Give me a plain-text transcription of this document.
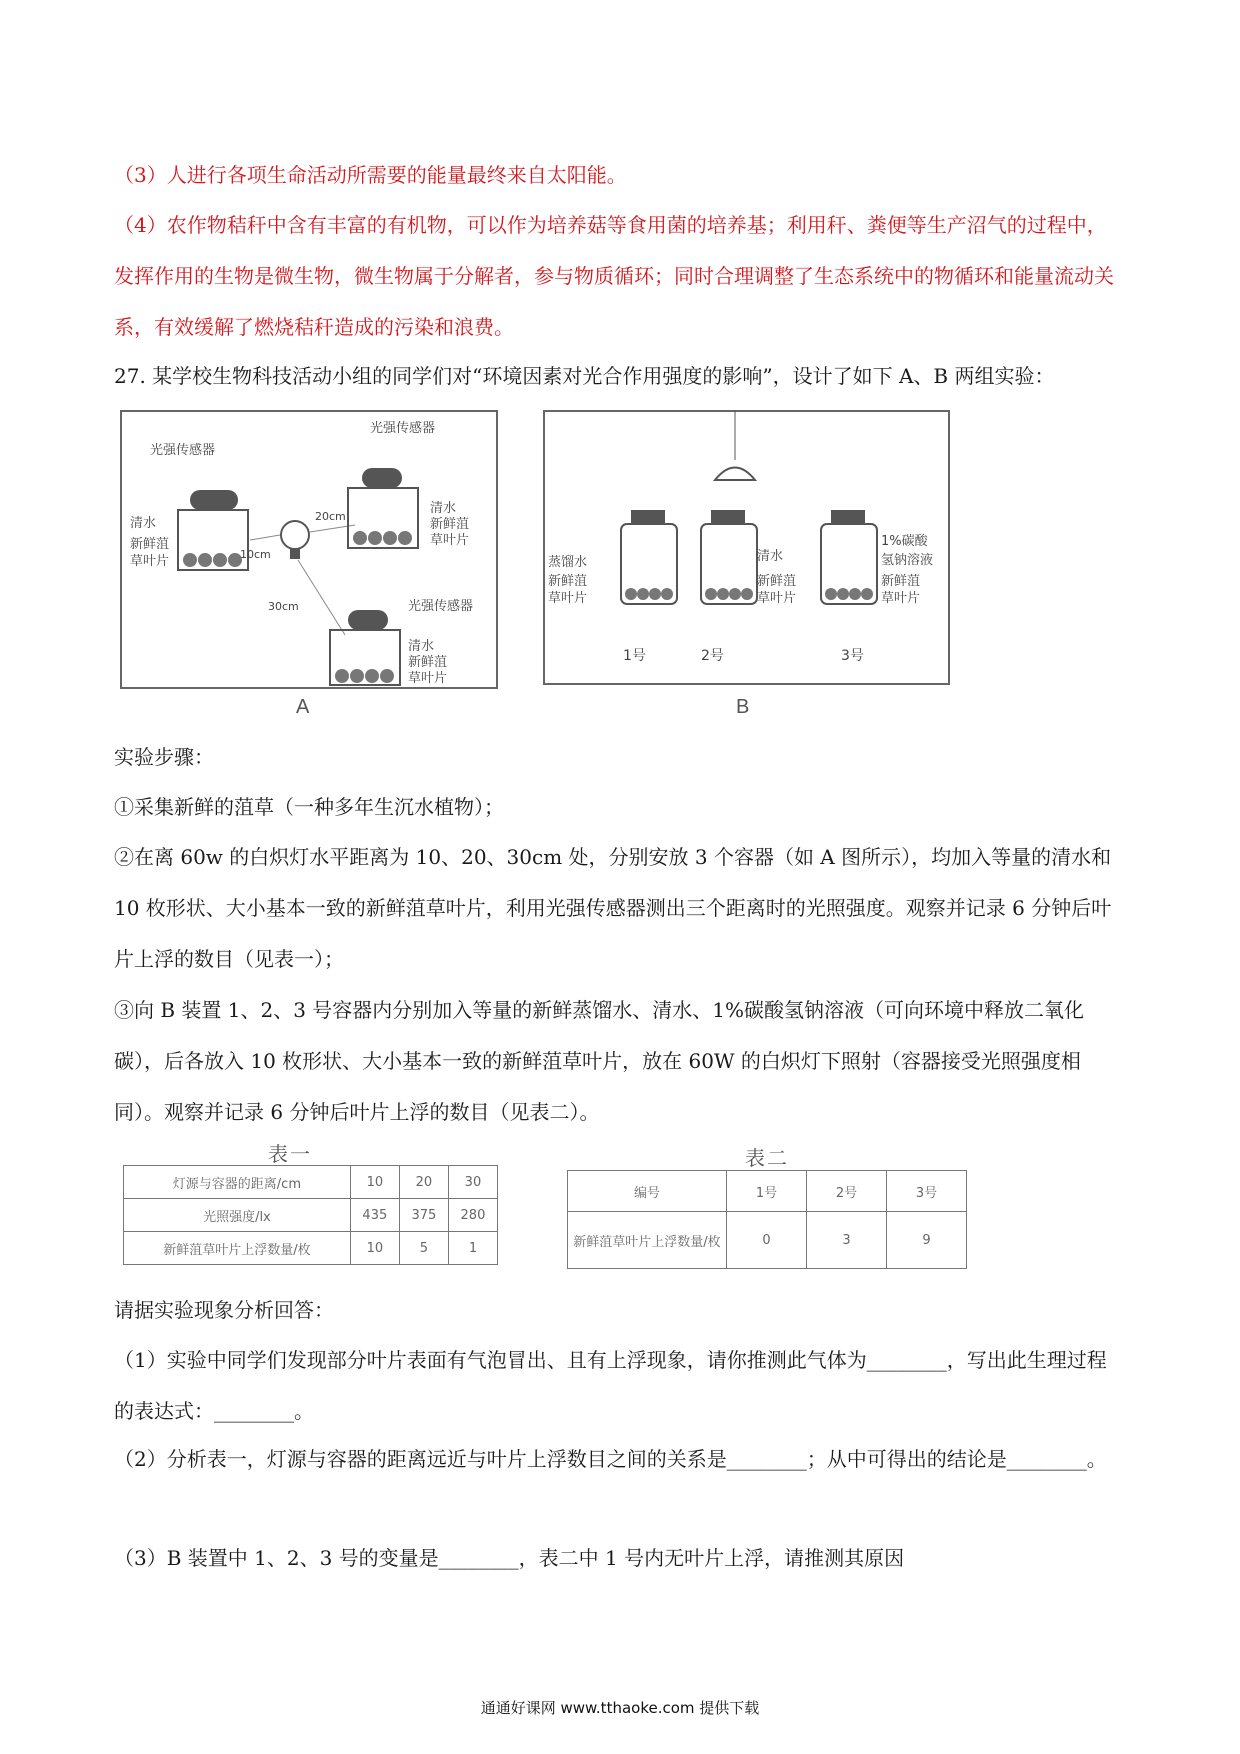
（3）人进行各项生命活动所需要的能量最终来自太阳能。

（4）农作物秸秆中含有丰富的有机物，可以作为培养菇等食用菌的培养基；利用秆、粪便等生产沼气的过程中，发挥作用的生物是微生物，微生物属于分解者，参与物质循环；同时合理调整了生态系统中的物循环和能量流动关系，有效缓解了燃烧秸秆造成的污染和浪费。

27. 某学校生物科技活动小组的同学们对“环境因素对光合作用强度的影响”，设计了如下 A、B 两组实验：

光强传感器
清水
新鲜菹
草叶片	10cm
20cm
30cm
光强传感器
清水
新鲜菹
草叶片
光强传感器
清水
新鲜菹
草叶片
A
蒸馏水
新鲜菹
草叶片
清水
新鲜菹
草叶片
1%碳酸
氢钠溶液
新鲜菹
草叶片
1号	2号	3号
B

实验步骤：

①采集新鲜的菹草（一种多年生沉水植物）；

②在离 60w 的白炽灯水平距离为 10、20、30cm 处，分别安放 3 个容器（如 A 图所示），均加入等量的清水和 10 枚形状、大小基本一致的新鲜菹草叶片，利用光强传感器测出三个距离时的光照强度。观察并记录 6 分钟后叶片上浮的数目（见表一）；

③向 B 装置 1、2、3 号容器内分别加入等量的新鲜蒸馏水、清水、1%碳酸氢钠溶液（可向环境中释放二氧化碳），后各放入 10 枚形状、大小基本一致的新鲜菹草叶片，放在 60W 的白炽灯下照射（容器接受光照强度相同）。观察并记录 6 分钟后叶片上浮的数目（见表二）。

表一
灯源与容器的距离/cm	10	20	30
光照强度/lx	435	375	280
新鲜菹草叶片上浮数量/枚	10	5	1
表二
编号	1号	2号	3号
新鲜菹草叶片上浮数量/枚	0	3	9

请据实验现象分析回答：

（1）实验中同学们发现部分叶片表面有气泡冒出、且有上浮现象，请你推测此气体为________，写出此生理过程的表达式：________。

（2）分析表一，灯源与容器的距离远近与叶片上浮数目之间的关系是________；从中可得出的结论是________。

（3）B 装置中 1、2、3 号的变量是________，表二中 1 号内无叶片上浮，请推测其原因

通通好课网 www.tthaoke.com 提供下载
